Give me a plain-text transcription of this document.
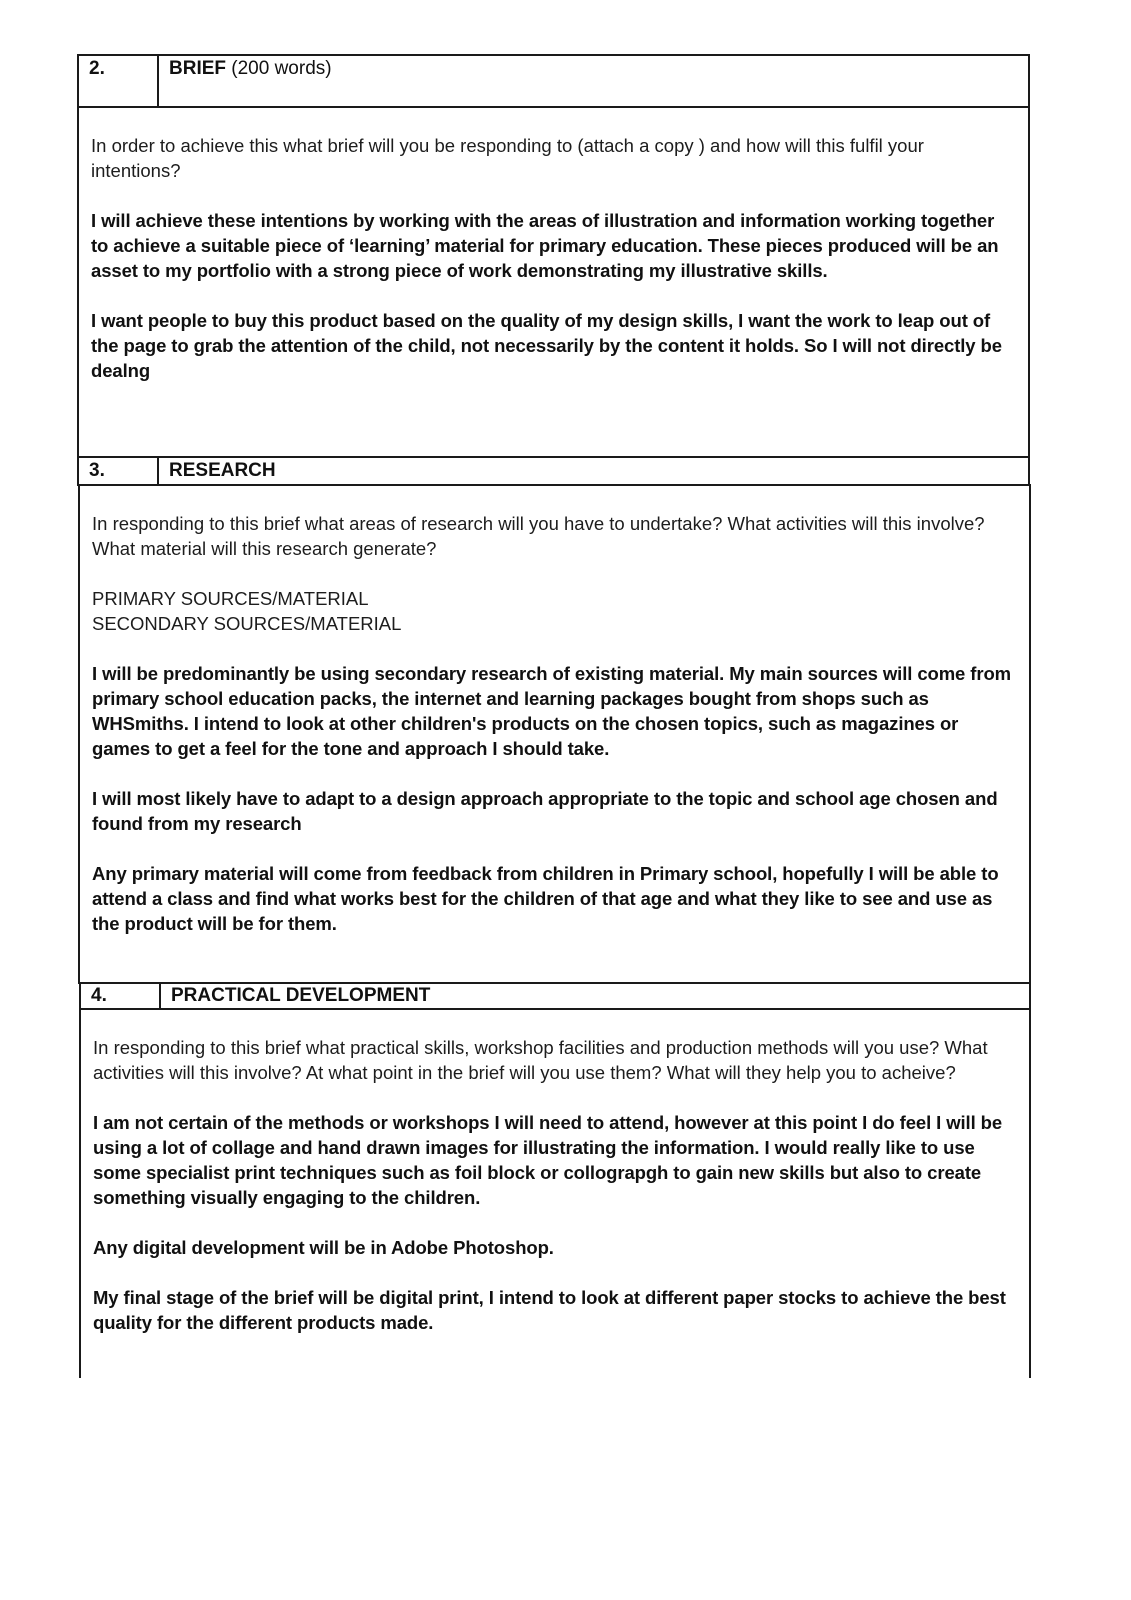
2.	BRIEF (200 words)

In order to achieve this what brief will you be responding to (attach a copy ) and how will this fulfil your intentions?

I will achieve these intentions by working with the areas of illustration and information working together to achieve a suitable piece of ‘learning’ material for primary education. These pieces produced will be an asset to my portfolio with a strong piece of work demonstrating my illustrative skills.

I want people to buy this product based on the quality of my design skills, I want the work to leap out of the page to grab the attention of the child, not necessarily by the content it holds. So I will not directly be dealng

3.	RESEARCH

In responding to this brief what areas of research will you have to undertake? What activities will this involve? What material will this research generate?

PRIMARY SOURCES/MATERIAL

SECONDARY SOURCES/MATERIAL

I will be predominantly be using secondary research of existing material. My main sources will come from primary school education packs, the internet and learning packages bought from shops such as WHSmiths. I intend to look at other children's products on the chosen topics, such as magazines or games to get a feel for the tone and approach I should take.

I will most likely have to adapt to a design approach appropriate to the topic and school age chosen and found from my research

Any primary material will come from feedback from children in Primary school, hopefully I will be able to attend a class and find what works best for the children of that age and what they like to see and use as the product will be for them.

4.	PRACTICAL DEVELOPMENT

In responding to this brief what practical skills, workshop facilities and production methods will you use? What activities will this involve? At what point in the brief will you use them? What will they help you to acheive?

I am not certain of the methods or workshops I will need to attend, however at this point I do feel I will be using a lot of collage and hand drawn images for illustrating the information. I would really like to use some specialist print techniques such as foil block or collograpgh to gain new skills but also to create something visually engaging to the children.

Any digital development will be in Adobe Photoshop.

My final stage of the brief will be digital print, I intend to look at different paper stocks to achieve the best quality for the different products made.
